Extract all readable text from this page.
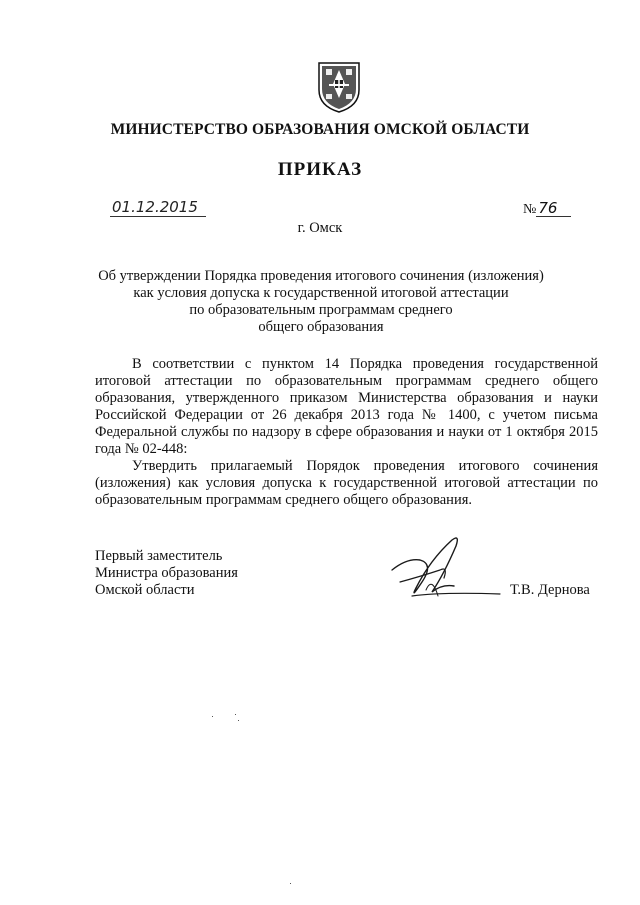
МИНИСТЕРСТВО ОБРАЗОВАНИЯ ОМСКОЙ ОБЛАСТИ
ПРИКАЗ
01.12.2015	№ 76
г. Омск
Об утверждении Порядка проведения итогового сочинения (изложения)
как условия допуска к государственной итоговой аттестации
по образовательным программам среднего
общего образования

В соответствии с пунктом 14 Порядка проведения государственной итоговой аттестации по образовательным программам среднего общего образования, утвержденного приказом Министерства образования и науки Российской Федерации от 26 декабря 2013 года № 1400, с учетом письма Федеральной службы по надзору в сфере образования и науки от 1 октября 2015 года № 02-448:

Утвердить прилагаемый Порядок проведения итогового сочинения (изложения) как условия допуска к государственной итоговой аттестации по образовательным программам среднего общего образования.

Первый заместитель
Министра образования
Омской области	Т.В. Дернова
